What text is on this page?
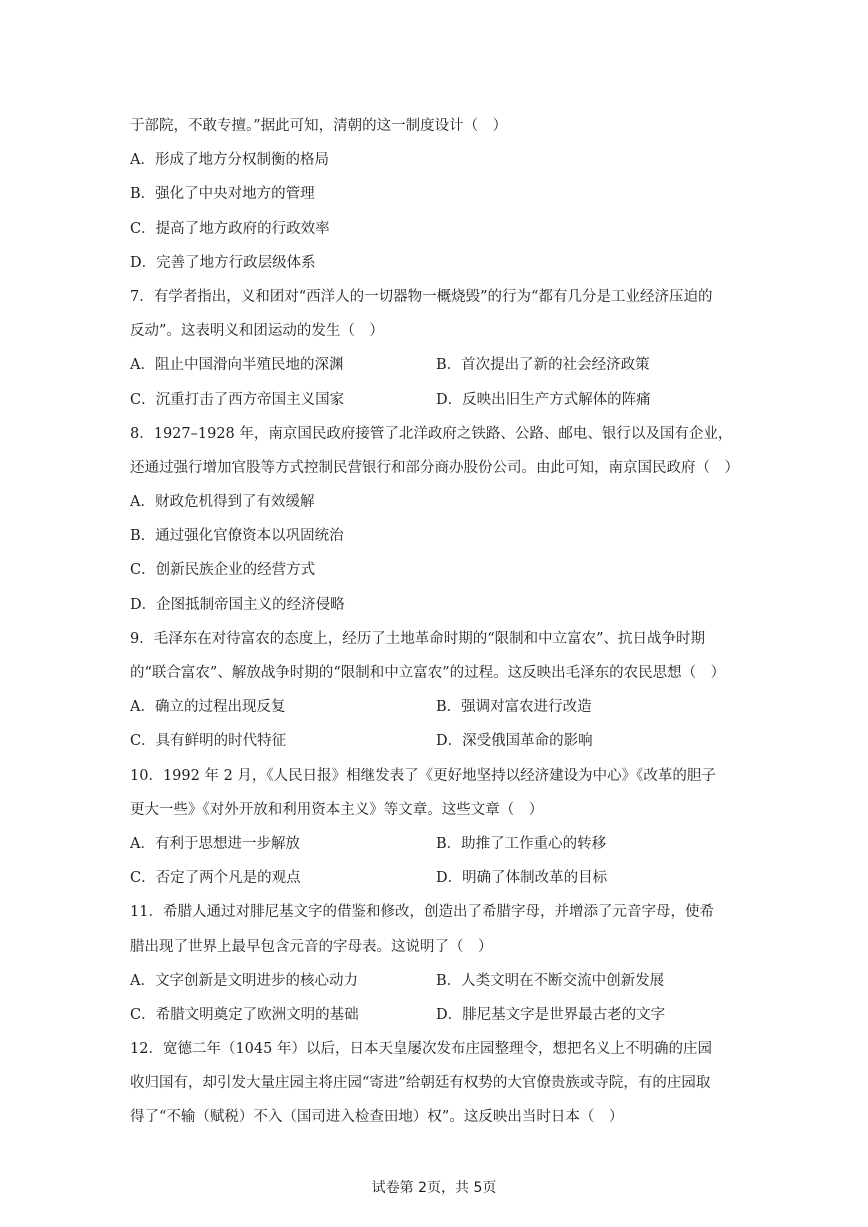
于部院，不敢专擅。”据此可知，清朝的这一制度设计（　）
A．形成了地方分权制衡的格局
B．强化了中央对地方的管理
C．提高了地方政府的行政效率
D．完善了地方行政层级体系
7．有学者指出，义和团对“西洋人的一切器物一概烧毁”的行为“都有几分是工业经济压迫的
反动”。这表明义和团运动的发生（　）
A．阻止中国滑向半殖民地的深渊	B．首次提出了新的社会经济政策
C．沉重打击了西方帝国主义国家	D．反映出旧生产方式解体的阵痛
8．1927–1928 年，南京国民政府接管了北洋政府之铁路、公路、邮电、银行以及国有企业，
还通过强行增加官股等方式控制民营银行和部分商办股份公司。由此可知，南京国民政府（　）
A．财政危机得到了有效缓解
B．通过强化官僚资本以巩固统治
C．创新民族企业的经营方式
D．企图抵制帝国主义的经济侵略
9．毛泽东在对待富农的态度上，经历了土地革命时期的“限制和中立富农”、抗日战争时期
的“联合富农”、解放战争时期的“限制和中立富农”的过程。这反映出毛泽东的农民思想（　）
A．确立的过程出现反复	B．强调对富农进行改造
C．具有鲜明的时代特征	D．深受俄国革命的影响
10．1992 年 2 月，《人民日报》相继发表了《更好地坚持以经济建设为中心》《改革的胆子
更大一些》《对外开放和利用资本主义》等文章。这些文章（　）
A．有利于思想进一步解放	B．助推了工作重心的转移
C．否定了两个凡是的观点	D．明确了体制改革的目标
11．希腊人通过对腓尼基文字的借鉴和修改，创造出了希腊字母，并增添了元音字母，使希
腊出现了世界上最早包含元音的字母表。这说明了（　）
A．文字创新是文明进步的核心动力	B．人类文明在不断交流中创新发展
C．希腊文明奠定了欧洲文明的基础	D．腓尼基文字是世界最古老的文字
12．宽德二年（1045 年）以后，日本天皇屡次发布庄园整理令，想把名义上不明确的庄园
收归国有，却引发大量庄园主将庄园“寄进”给朝廷有权势的大官僚贵族或寺院，有的庄园取
得了“不输（赋税）不入（国司进入检查田地）权”。这反映出当时日本（　）
试卷第 2页，共 5页
